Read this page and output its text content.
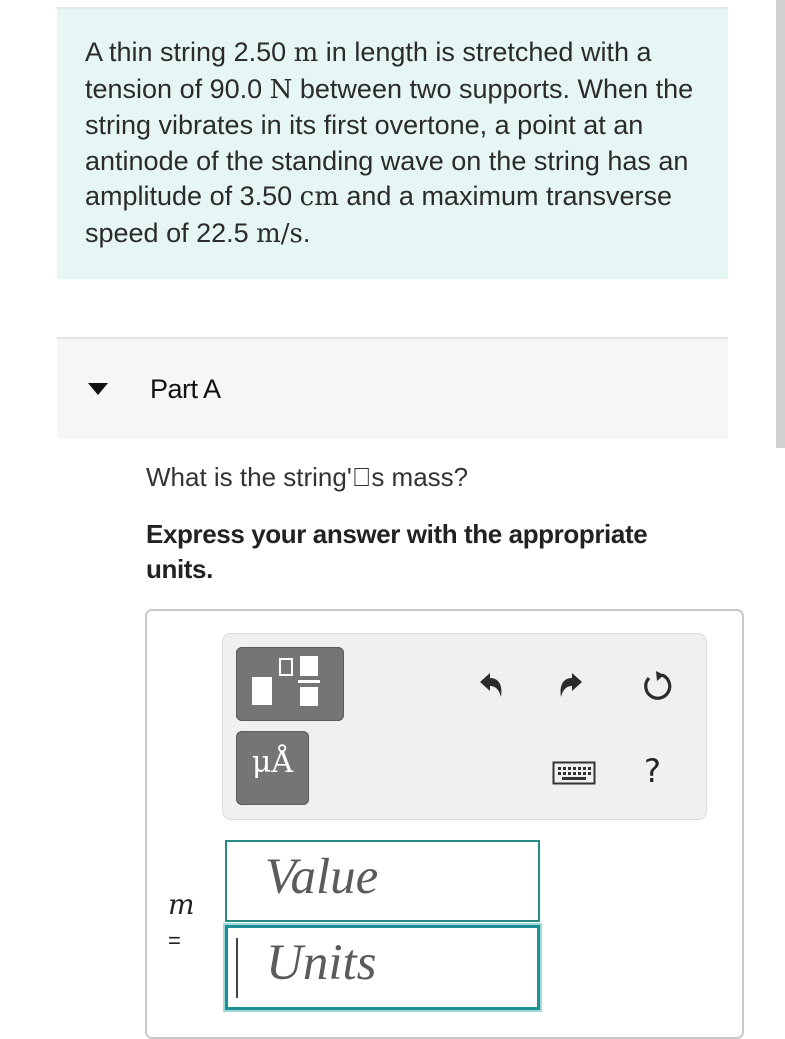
A thin string 2.50 m in length is stretched with a tension of 90.0 N between two supports. When the string vibrates in its first overtone, a point at an antinode of the standing wave on the string has an amplitude of 3.50 cm and a maximum transverse speed of 22.5 m/s.

Part A
What is the string' s mass?
Express your answer with the appropriate units.
μÅ	?
m
=
Value
Units
